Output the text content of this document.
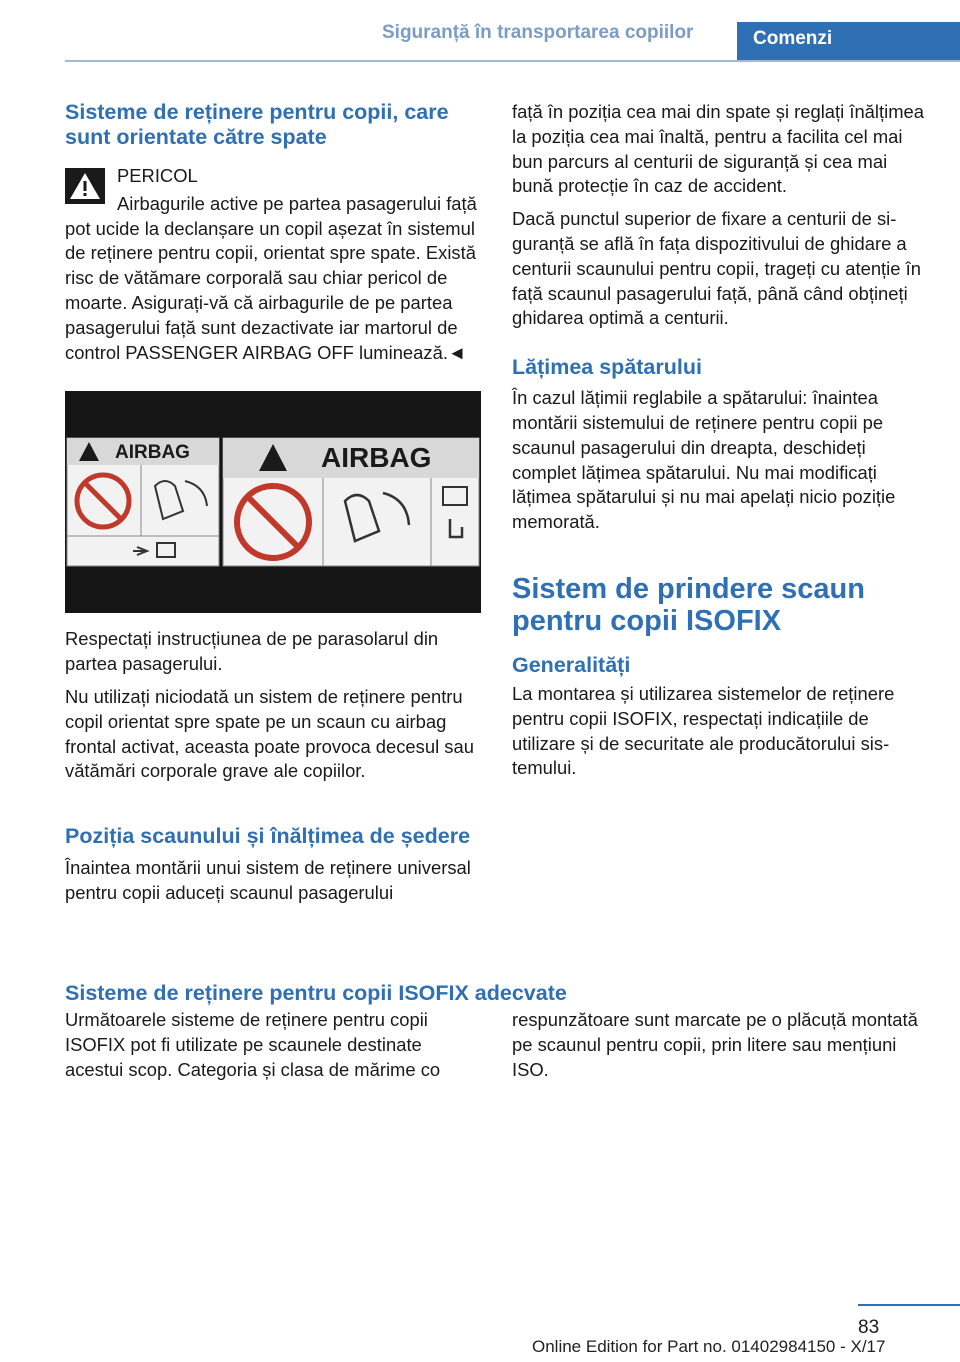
Siguranță în transportarea copiilor	Comenzi
Sisteme de reținere pentru copii, care sunt orientate către spate
PERICOL

Airbagurile active pe partea pasagerului față pot ucide la declanșare un copil așezat în sistemul de reținere pentru copii, orientat spre spate. Există risc de vătămare corporală sau chiar pericol de moarte. Asigurați-vă că airbagurile de pe partea pasagerului față sunt dezactivate iar martorul de control PASSENGER AIRBAG OFF luminează.◄

AIRBAG	AIRBAG

Respectați instrucțiunea de pe parasolarul din partea pasagerului.

Nu utilizați niciodată un sistem de reținere pentru copil orientat spre spate pe un scaun cu airbag frontal activat, aceasta poate provoca decesul sau vătămări corporale grave ale copiilor.

Poziția scaunului și înălțimea de ședere

Înaintea montării unui sistem de reținere universal pentru copii aduceți scaunul pasagerului

față în poziția cea mai din spate și reglați înălțimea la poziția cea mai înaltă, pentru a facilita cel mai bun parcurs al centurii de siguranță și cea mai bună protecție în caz de accident.

Dacă punctul superior de fixare a centurii de siguranță se află în fața dispozitivului de ghidare a centurii scaunului pentru copii, trageți cu atenție în față scaunul pasagerului față, până când obțineți ghidarea optimă a centurii.

Lățimea spătarului

În cazul lățimii reglabile a spătarului: înaintea montării sistemului de reținere pentru copii pe scaunul pasagerului din dreapta, deschideți complet lățimea spătarului. Nu mai modificați lățimea spătarului și nu mai apelați nicio poziție memorată.

Sistem de prindere scaun pentru copii ISOFIX
Generalități

La montarea și utilizarea sistemelor de reținere pentru copii ISOFIX, respectați indicațiile de utilizare și de securitate ale producătorului sistemului.

Sisteme de reținere pentru copii ISOFIX adecvate

Următoarele sisteme de reținere pentru copii ISOFIX pot fi utilizate pe scaunele destinate acestui scop. Categoria și clasa de mărime co

respunzătoare sunt marcate pe o plăcuță montată pe scaunul pentru copii, prin litere sau mențiuni ISO.

83
Online Edition for Part no. 01402984150 - X/17
